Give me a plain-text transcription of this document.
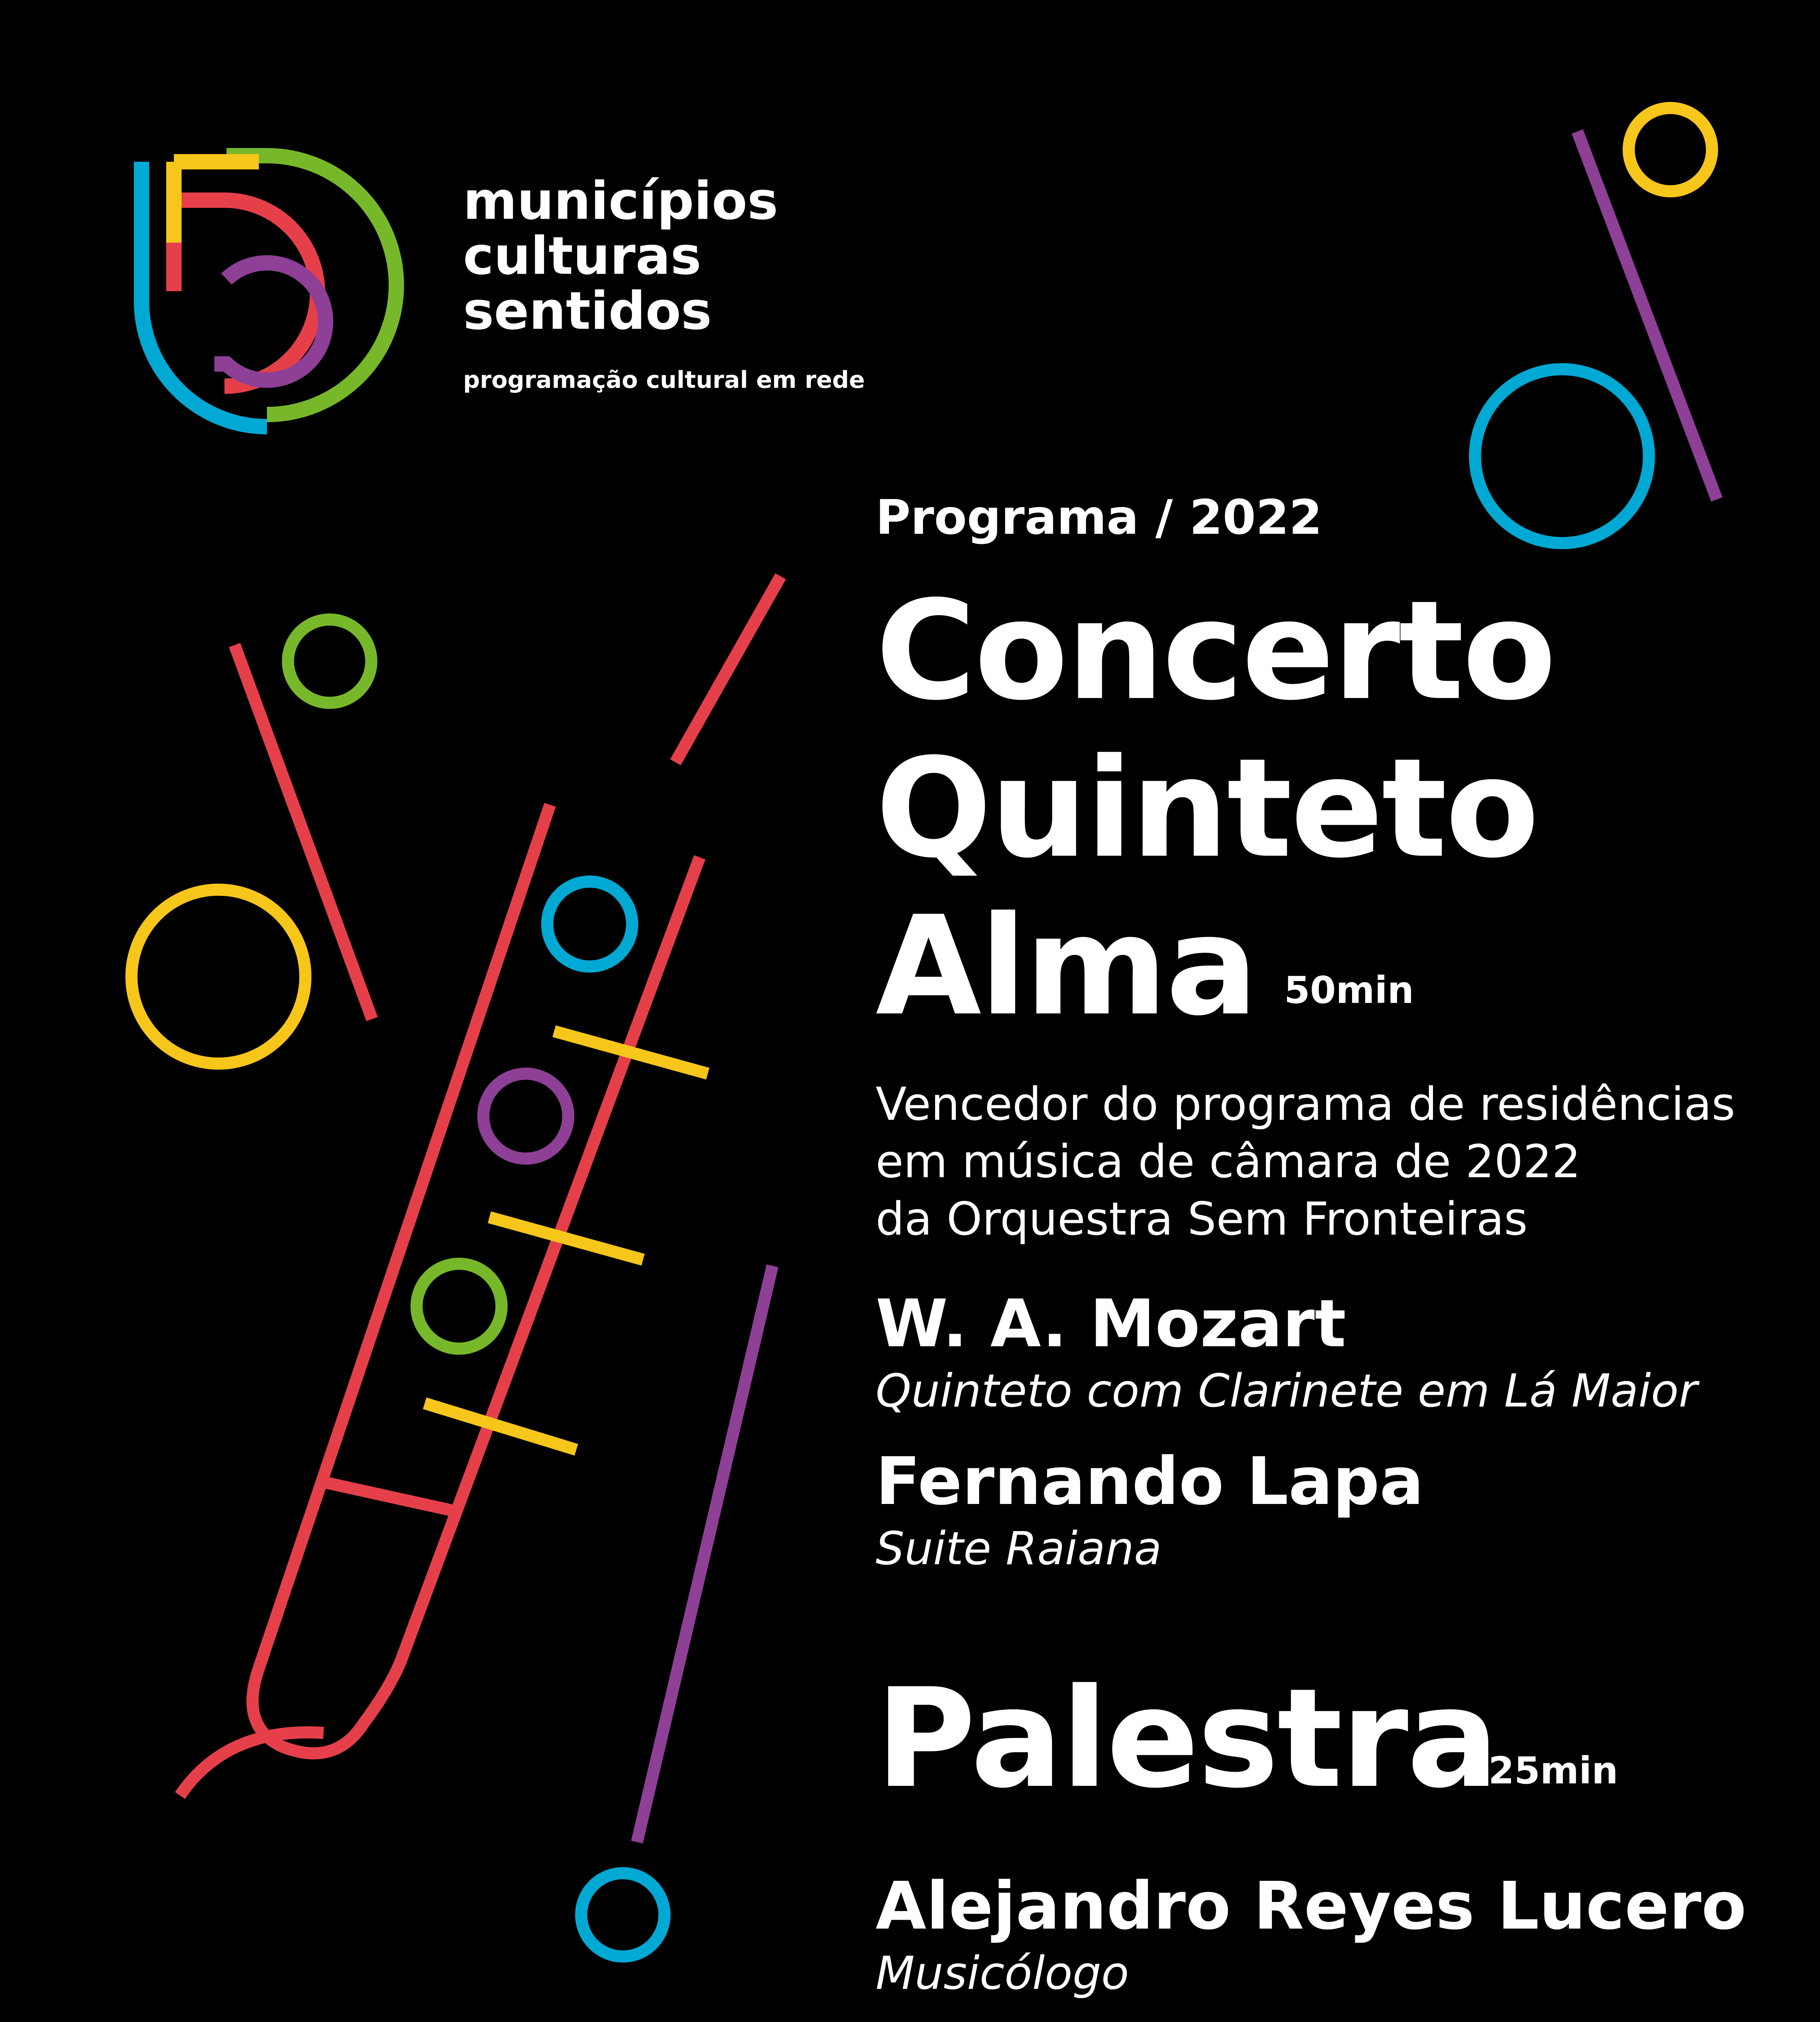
municípios
culturas
sentidos
programação cultural em rede
Programa / 2022
Concerto
Quinteto
Alma 50min
Vencedor do programa de residências
em música de câmara de 2022
da Orquestra Sem Fronteiras
W. A. Mozart
Quinteto com Clarinete em Lá Maior
Fernando Lapa
Suite Raiana
Palestra
25min
Alejandro Reyes Lucero
Musicólogo
